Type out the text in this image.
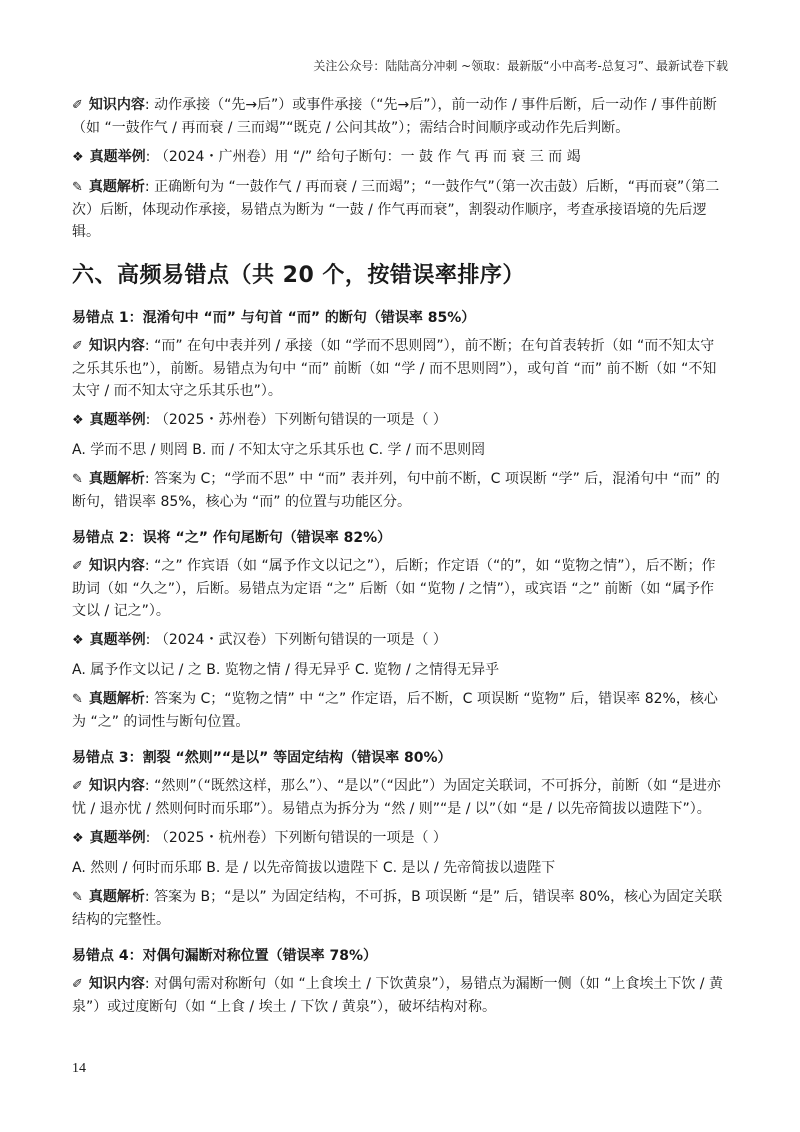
关注公众号：陆陆高分冲刺 ~领取：最新版“小中高考-总复习”、最新试卷下载

✐ 知识内容: 动作承接（“先→后”）或事件承接（“先→后”），前一动作 / 事件后断，后一动作 / 事件前断（如 “一鼓作气 / 再而衰 / 三而竭”“既克 / 公问其故”）；需结合时间顺序或动作先后判断。

❖ 真题举例: （2024・广州卷）用 “/” 给句子断句：一 鼓 作 气 再 而 衰 三 而 竭

✎ 真题解析: 正确断句为 “一鼓作气 / 再而衰 / 三而竭”；“一鼓作气”（第一次击鼓）后断，“再而衰”（第二次）后断，体现动作承接，易错点为断为 “一鼓 / 作气再而衰”，割裂动作顺序，考查承接语境的先后逻辑。

六、高频易错点（共 20 个，按错误率排序）
易错点 1：混淆句中 “而” 与句首 “而” 的断句（错误率 85%）

✐ 知识内容: “而” 在句中表并列 / 承接（如 “学而不思则罔”），前不断；在句首表转折（如 “而不知太守之乐其乐也”），前断。易错点为句中 “而” 前断（如 “学 / 而不思则罔”），或句首 “而” 前不断（如 “不知太守 / 而不知太守之乐其乐也”）。

❖ 真题举例: （2025・苏州卷）下列断句错误的一项是（ ）

A. 学而不思 / 则罔 B. 而 / 不知太守之乐其乐也 C. 学 / 而不思则罔

✎ 真题解析: 答案为 C；“学而不思” 中 “而” 表并列，句中前不断，C 项误断 “学” 后，混淆句中 “而” 的断句，错误率 85%，核心为 “而” 的位置与功能区分。

易错点 2：误将 “之” 作句尾断句（错误率 82%）

✐ 知识内容: “之” 作宾语（如 “属予作文以记之”），后断；作定语（“的”，如 “览物之情”），后不断；作助词（如 “久之”），后断。易错点为定语 “之” 后断（如 “览物 / 之情”），或宾语 “之” 前断（如 “属予作文以 / 记之”）。

❖ 真题举例: （2024・武汉卷）下列断句错误的一项是（ ）

A. 属予作文以记 / 之 B. 览物之情 / 得无异乎 C. 览物 / 之情得无异乎

✎ 真题解析: 答案为 C；“览物之情” 中 “之” 作定语，后不断，C 项误断 “览物” 后，错误率 82%，核心为 “之” 的词性与断句位置。

易错点 3：割裂 “然则”“是以” 等固定结构（错误率 80%）

✐ 知识内容: “然则”（“既然这样，那么”）、“是以”（“因此”）为固定关联词，不可拆分，前断（如 “是进亦忧 / 退亦忧 / 然则何时而乐耶”）。易错点为拆分为 “然 / 则”“是 / 以”（如 “是 / 以先帝简拔以遗陛下”）。

❖ 真题举例: （2025・杭州卷）下列断句错误的一项是（ ）

A. 然则 / 何时而乐耶 B. 是 / 以先帝简拔以遗陛下 C. 是以 / 先帝简拔以遗陛下

✎ 真题解析: 答案为 B；“是以” 为固定结构，不可拆，B 项误断 “是” 后，错误率 80%，核心为固定关联结构的完整性。

易错点 4：对偶句漏断对称位置（错误率 78%）

✐ 知识内容: 对偶句需对称断句（如 “上食埃土 / 下饮黄泉”），易错点为漏断一侧（如 “上食埃土下饮 / 黄泉”）或过度断句（如 “上食 / 埃土 / 下饮 / 黄泉”），破坏结构对称。

14
